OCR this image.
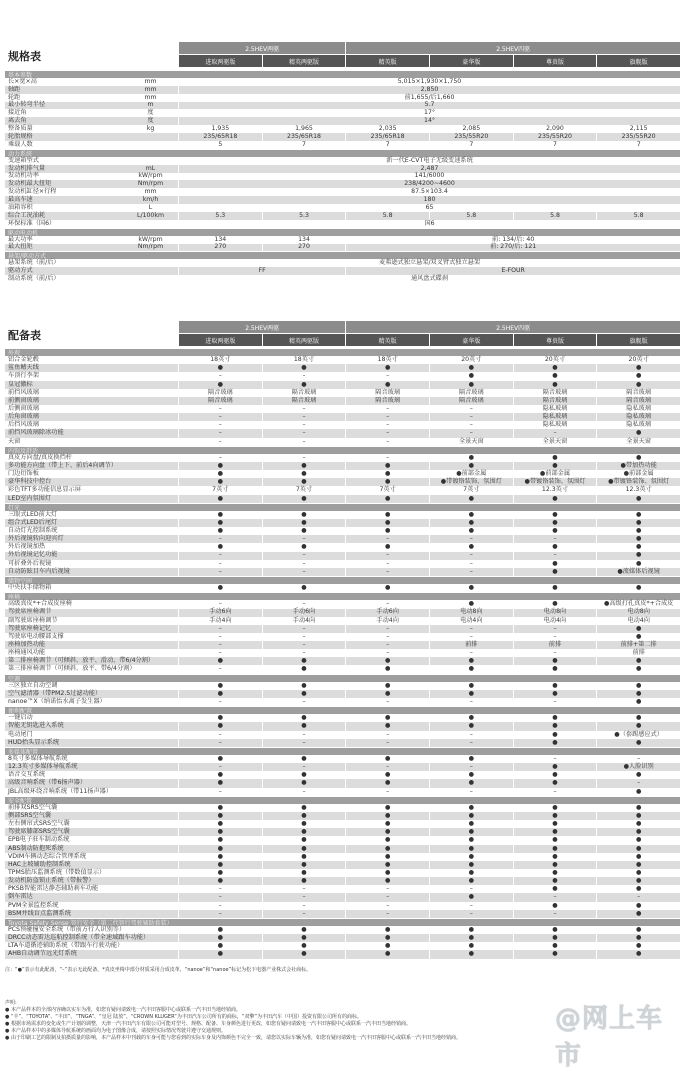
规格表
2.5HEV两驱	2.5HEV四驱
进取两驱版	精英两驱版	精英版	豪华版	尊贵版	旗舰版
基本参数
长×宽×高	mm	5,015×1,930×1,750
轴距	mm	2,850
轮距	mm	前1,655/后1,660
最小转弯半径	m	5.7
接近角	度	17°
离去角	度	14°
整备质量	kg	1,935	1,965	2,035	2,085	2,090	2,115
轮胎规格	235/65R18	235/65R18	235/65R18	235/55R20	235/55R20	235/55R20
乘载人数	5	7	7	7	7	7
动力系统
变速箱型式	新一代E-CVT电子无级变速系统
发动机排气量	mL	2,487
发动机功率	kW/rpm	141/6000
发动机最大扭矩	Nm/rpm	238/4200~4600
发动机缸径×行程	mm	87.5×103.4
最高车速	km/h	180
油箱容积	L	65
综合工况油耗	L/100km	5.3	5.3	5.8	5.8	5.8	5.8
环保标准（国6）	国6
驱动电动机
最大功率	kW/rpm	134	134	前: 134/后: 40
最大扭矩	Nm/rpm	270	270	前: 270/后: 121
悬架/驱动方式
悬架系统（前/后）	麦弗逊式独立悬架/双叉臂式独立悬架
驱动方式	FF	E-FOUR
制动系统（前/后）	通风盘式碟刹
配备表
2.5HEV两驱	2.5HEV四驱
进取两驱版	精英两驱版	精英版	豪华版	尊贵版	旗舰版
外观
铝合金轮毂	18英寸	18英寸	18英寸	20英寸	20英寸	20英寸
鲨鱼鳍天线	●	●	●	●	●	●
车顶行李架	–	–	–	●	●	●
皇冠徽标	●	●	●	●	●	●
前挡风玻璃	隔音玻璃	隔音玻璃	隔音玻璃	隔音玻璃	隔音玻璃	隔音玻璃
前侧窗玻璃	隔音玻璃	隔音玻璃	隔音玻璃	隔音玻璃	隔音玻璃	隔音玻璃
后侧窗玻璃	–	–	–	–	隐私玻璃	隐私玻璃
后角窗玻璃	–	–	–	–	隐私玻璃	隐私玻璃
后挡风玻璃	–	–	–	–	隐私玻璃	隐私玻璃
前挡风玻璃除冰功能	–	–	–	–	–	●
天窗	–	–	–	全景天窗	全景天窗	全景天窗
内饰及舒适
真皮方向盘/真皮换挡杆	–	–	–	●	●	●
多功能方向盘（带上下、前后4向调节）	●	●	●	●	●	●带加热功能
门边衍饰板	●	●	●	●前部金属	●前部金属	●前部金属
豪华科技中控台	●	●	●	●带镀铬装饰、氛围灯	●带镀铬装饰、氛围灯	●带镀铬装饰、氛围灯
彩色TFT多功能信息显示屏	7英寸	7英寸	7英寸	7英寸	12.3英寸	12.3英寸
LED室内氛围灯	●	●	●	●	●	●
灯光
三眼式LED前大灯	●	●	●	●	●	●
组合式LED后尾灯	●	●	●	●	●	●
自动灯光控制系统	●	●	●	●	●	●
外后视镜转向迎宾灯	–	–	–	–	–	●
外后视镜加热	●	●	●	●	●	●
外后视镜记忆功能	–	–	–	–	–	●
可折叠外后视镜	–	–	–	–	●	●
自动防眩目车内后视镜	–	–	–	–	●	●流媒体后视镜
储物空间
中央扶手储物箱	●	●	●	●	●	●
座椅
高级真皮*+合成皮座椅	–	–	–	●	●	●高级打孔真皮*+合成皮
驾驶席座椅调节	手动6向	手动6向	手动6向	电动8向	电动8向	电动8向
副驾驶席座椅调节	手动4向	手动4向	手动4向	电动4向	电动4向	电动4向
驾驶席座椅记忆	–	–	–	–	–	●
驾驶席电动腰部支撑	–	–	–	–	–	●
座椅加热功能	–	–	–	前排	前排	前排+第二排
座椅通风功能	–	–	–	–	–	前排
第二排座椅调节（可倾斜、放平、滑动、带6/4分割）	●	●	●	●	●	●
第三排座椅调节（可倾斜、放平、带6/4分割）	–	●	●	●	●	●
空调
三区独立自动空调	●	●	●	●	●	●
空气滤清器（带PM2.5过滤功能）	●	●	●	●	●	●
nanoe™X（纳诺怡水离子发生器）	–	–	–	–	–	●
便利配置
一键启动	●	●	●	●	●	●
智能无钥匙进入系统	●	●	●	●	●	●
电动尾门	–	–	–	–	●	●（套踢感应式）
HUD抬头显示系统	–	–	–	–	●	●
多媒体配置
8英寸多媒体导航系统	●	●	●	●	–	–
12.3英寸多媒体导航系统	–	–	–	–	●	●人脸识别
语音交互系统	●	●	●	●	●	●
高级音响系统（带6扬声器）	●	●	●	●	●	–
JBL高级环绕音响系统（带11扬声器）	–	–	–	–	–	●
安全配置
前排双SRS空气囊	●	●	●	●	●	●
侧部SRS空气囊	●	●	●	●	●	●
左右侧帘式SRS空气囊	●	●	●	●	●	●
驾驶席膝部SRS空气囊	●	●	●	●	●	●
EPB电子驻车制动系统	●	●	●	●	●	●
ABS制动防抱死系统	●	●	●	●	●	●
VDIM车辆动态综合管理系统	●	●	●	●	●	●
HAC上坡辅助控制系统	●	●	●	●	●	●
TPMS胎压监测系统（带数值显示）	●	●	●	●	●	●
发动机防盗锁止系统（带报警）	●	●	●	●	●	●
PKSB智能雷达静态辅助刹车功能	–	–	–	–	●	●
倒车雷达	–	–	–	●	–	–
PVM全景监控系统	–	–	–	–	●	●
BSM并线盲点监测系统	–	–	–	–	–	●
Toyota Safety Sense 智行安全（第二代智行驾驶辅助套装）
PCS预碰撞安全系统（带前方行人识别等）	●	●	●	●	●	●
DRCC动态雷达巡航控制系统（带全速域跟车功能）	●	●	●	●	●	●
LTA车道循迹辅助系统（带跟车行驶功能）	●	●	●	●	●	●
AHB自动调节远光灯系统	●	●	●	●	●	●
注：“●”表示有此配备，“–”表示无此配备，*真皮坐椅中部分材质采用合成皮革，“nanoe”和“nanoe”标记为松下电器产业株式会社商标。
声明:
● 本产品样本的全部内容确以实车为准，如您有疑问请致电一汽丰田客服中心或联系一汽丰田当地经销商。
● “丰”、“TOYOTA”、“丰田”、“TNGA”、“皇冠 陆放”、“CROWN KLUGER”为丰田汽车公司所有的商标，“双擎”为丰田汽车（中国）投资有限公司所有的商标。
● 根据市场需求的变化或生产计划的调整，天津一汽丰田汽车有限公司可能对型号、规格、配备、车身颜色进行更改，如您有疑问请致电一汽丰田客服中心或联系一汽丰田当地经销商。
● 本产品样本中的多媒体导航系统的画面均为电子图像合成，请按照实际情况驾驶并遵守交通规则。
● 由于印刷工艺的限制及拍摄质量的影响，本产品样本中刊载的车身可能与您看到的实际车身及内饰颜色不完全一致，请您以实际车辆为准，如您有疑问请致电一汽丰田客服中心或联系一汽丰田当地经销商。
@网上车市
